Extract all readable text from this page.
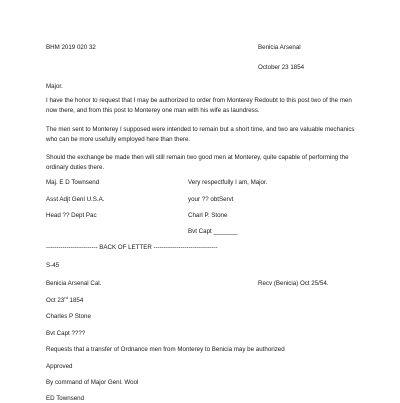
BHM 2019 020 32	Benicia Arsenal
October 23 1854
Major.
I have the honor to request that I may be authorized to order from Monterey Redoubt to this post two of the men now there, and from this post to Monterey one man with his wife as laundress.
The men sent to Monterey I supposed were intended to remain but a short time, and two are valuable mechanics who can be more usefully employed here than there.
Should the exchange be made then will still remain two good men at Monterey, quite capable of performing the ordinary duties there.
Maj. E D Townsend
Asst Adjt Genl U.S.A.
Head ?? Dept Pac
Very respectfully I am, Major.
your ?? obtServt
Charl P. Stone
Bvt Capt _______
------------------------- BACK OF LETTER -------------------------------
S-45
Benicia Arsenal Cal.	Recv (Benicia) Oct 25/54.
Oct 23rd 1854
Charles P Stone
Bvt Capt ????
Requests that a transfer of Ordnance men from Monterey to Benicia may be authorized
Approved
By command of Major Genl. Wool
ED Townsend
